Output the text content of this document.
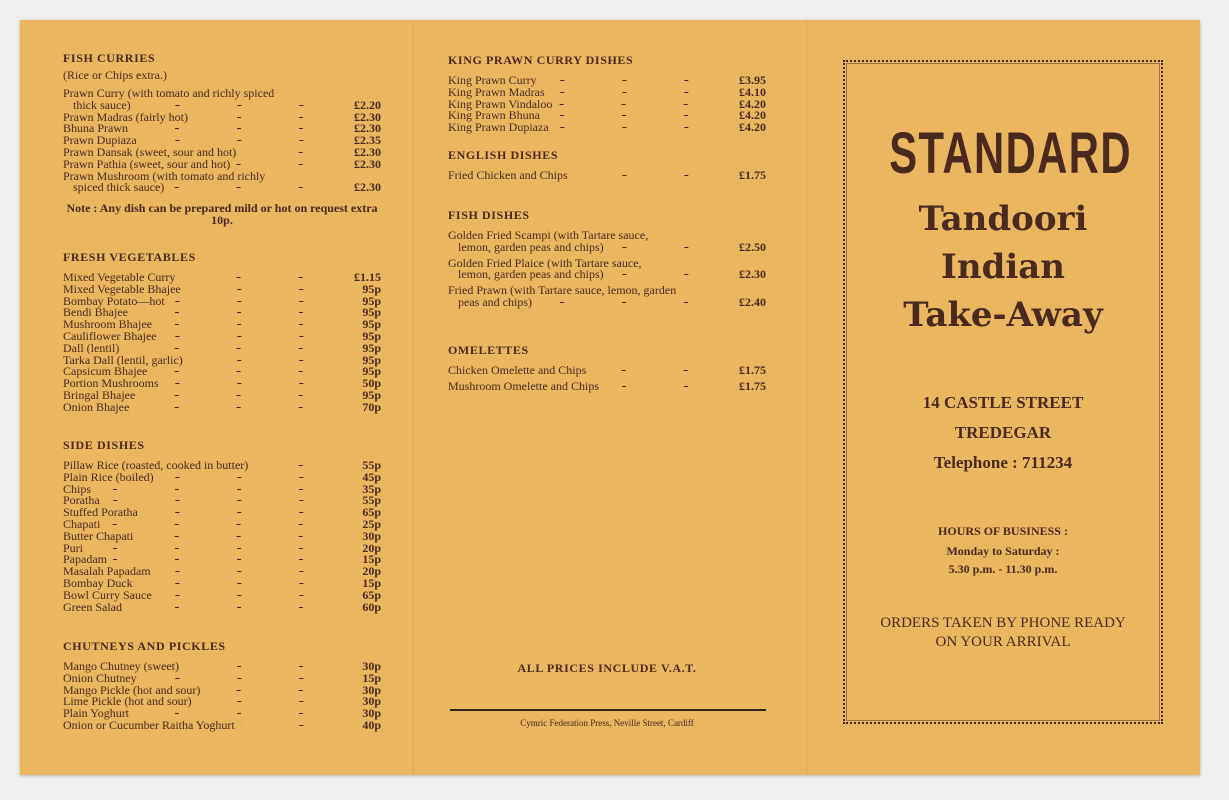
FISH CURRIES
(Rice or Chips extra.)
Prawn Curry (with tomato and richly spiced
thick sauce)	£2.20
Prawn Madras (fairly hot)	£2.30
Bhuna Prawn	£2.30
Prawn Dupiaza	£2.35
Prawn Dansak (sweet, sour and hot)	£2.30
Prawn Pathia (sweet, sour and hot)	£2.30
Prawn Mushroom (with tomato and richly
spiced thick sauce)	£2.30
Note : Any dish can be prepared mild or hot on request extra 10p.
FRESH VEGETABLES
Mixed Vegetable Curry	£1.15
Mixed Vegetable Bhajee	95p
Bombay Potato—hot	95p
Bendi Bhajee	95p
Mushroom Bhajee	95p
Cauliflower Bhajee	95p
Dall (lentil)	95p
Tarka Dall (lentil, garlic)	95p
Capsicum Bhajee	95p
Portion Mushrooms	50p
Bringal Bhajee	95p
Onion Bhajee	70p
SIDE DISHES
Pillaw Rice (roasted, cooked in butter)	55p
Plain Rice (boiled)	45p
Chips	35p
Poratha	55p
Stuffed Poratha	65p
Chapati	25p
Butter Chapati	30p
Puri	20p
Papadam	15p
Masalah Papadam	20p
Bombay Duck	15p
Bowl Curry Sauce	65p
Green Salad	60p
CHUTNEYS AND PICKLES
Mango Chutney (sweet)	30p
Onion Chutney	15p
Mango Pickle (hot and sour)	30p
Lime Pickle (hot and sour)	30p
Plain Yoghurt	30p
Onion or Cucumber Raitha Yoghurt	40p
KING PRAWN CURRY DISHES
King Prawn Curry	£3.95
King Prawn Madras	£4.10
King Prawn Vindaloo	£4.20
King Prawn Bhuna	£4.20
King Prawn Dupiaza	£4.20
ENGLISH DISHES
Fried Chicken and Chips	£1.75
FISH DISHES
Golden Fried Scampi (with Tartare sauce,
lemon, garden peas and chips)	£2.50
Golden Fried Plaice (with Tartare sauce,
lemon, garden peas and chips)	£2.30
Fried Prawn (with Tartare sauce, lemon, garden
peas and chips)	£2.40
OMELETTES
Chicken Omelette and Chips	£1.75
Mushroom Omelette and Chips	£1.75
ALL PRICES INCLUDE V.A.T.
Cymric Federation Press, Neville Street, Cardiff
STANDARD
Tandoori
Indian
Take-Away
14 CASTLE STREET
TREDEGAR
Telephone : 711234
HOURS OF BUSINESS :
Monday to Saturday :
5.30 p.m. - 11.30 p.m.
ORDERS TAKEN BY PHONE READY
ON YOUR ARRIVAL
